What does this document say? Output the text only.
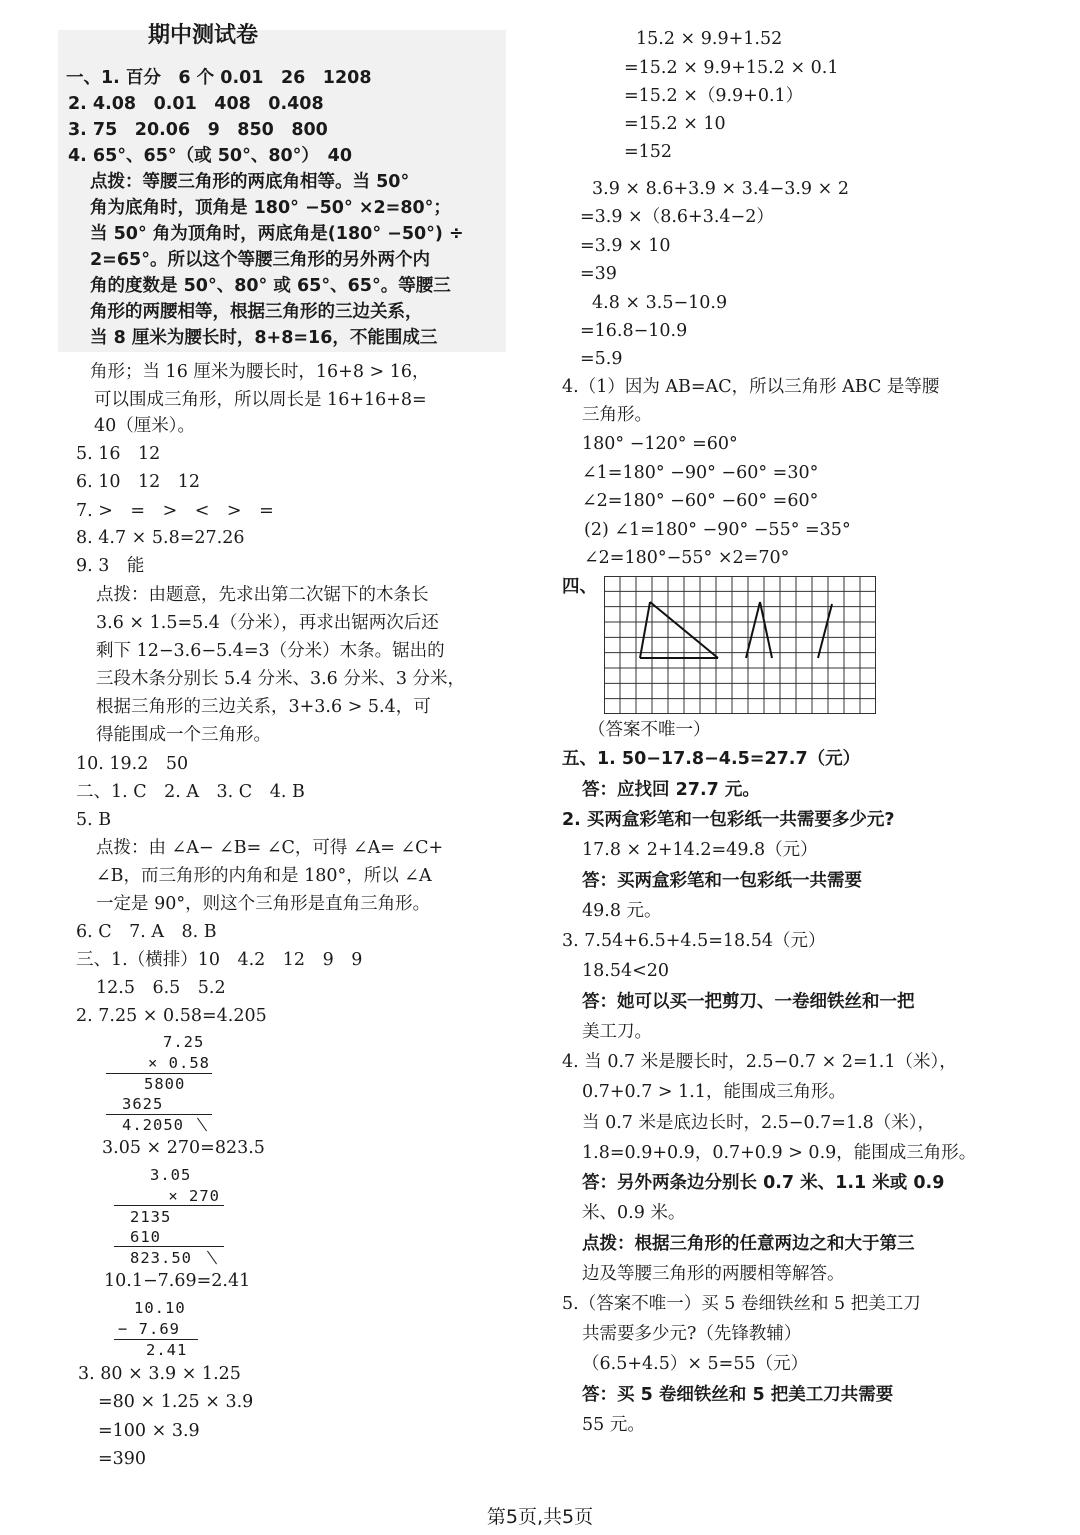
期中测试卷
一、1. 百分　6 个 0.01　26　1208
2. 4.08　0.01　408　0.408
3. 75　20.06　9　850　800
4. 65°、65°（或 50°、80°）　40
点拨：等腰三角形的两底角相等。当 50°
角为底角时，顶角是 180° −50° ×2=80°；
当 50° 角为顶角时，两底角是(180° −50°) ÷
2=65°。所以这个等腰三角形的另外两个内
角的度数是 50°、80° 或 65°、65°。等腰三
角形的两腰相等，根据三角形的三边关系，
当 8 厘米为腰长时，8+8=16，不能围成三
角形；当 16 厘米为腰长时，16+8 > 16，
可以围成三角形，所以周长是 16+16+8=
40（厘米）。
5. 16　12
6. 10　12　12
7. >　=　>　<　>　=
8. 4.7 × 5.8=27.26
9. 3　能
点拨：由题意，先求出第二次锯下的木条长
3.6 × 1.5=5.4（分米），再求出锯两次后还
剩下 12−3.6−5.4=3（分米）木条。锯出的
三段木条分别长 5.4 分米、3.6 分米、3 分米，
根据三角形的三边关系，3+3.6 > 5.4，可
得能围成一个三角形。
10. 19.2　50
二、1. C　2. A　3. C　4. B
5. B
点拨：由 ∠A− ∠B= ∠C，可得 ∠A= ∠C+
∠B，而三角形的内角和是 180°，所以 ∠A
一定是 90°，则这个三角形是直角三角形。
6. C　7. A　8. B
三、1.（横排）10　4.2　12　9　9
12.5　6.5　5.2
2. 7.25 × 0.58=4.205
7.25
× 0.58
5800
3625
4.2050
3.05 × 270=823.5
3.05
× 270
2135
610
823.50
10.1−7.69=2.41
10.10
− 7.69
2.41
3. 80 × 3.9 × 1.25
=80 × 1.25 × 3.9
=100 × 3.9
=390
15.2 × 9.9+1.52
=15.2 × 9.9+15.2 × 0.1
=15.2 ×（9.9+0.1）
=15.2 × 10
=152
3.9 × 8.6+3.9 × 3.4−3.9 × 2
=3.9 ×（8.6+3.4−2）
=3.9 × 10
=39
4.8 × 3.5−10.9
=16.8−10.9
=5.9
4.（1）因为 AB=AC，所以三角形 ABC 是等腰
三角形。
180° −120° =60°
∠1=180° −90° −60° =30°
∠2=180° −60° −60° =60°
(2) ∠1=180° −90° −55° =35°
∠2=180°−55° ×2=70°
四、
（答案不唯一）
五、1. 50−17.8−4.5=27.7（元）
答：应找回 27.7 元。
2. 买两盒彩笔和一包彩纸一共需要多少元?
17.8 × 2+14.2=49.8（元）
答：买两盒彩笔和一包彩纸一共需要
49.8 元。
3. 7.54+6.5+4.5=18.54（元）
18.54<20
答：她可以买一把剪刀、一卷细铁丝和一把
美工刀。
4. 当 0.7 米是腰长时，2.5−0.7 × 2=1.1（米），
0.7+0.7 > 1.1，能围成三角形。
当 0.7 米是底边长时，2.5−0.7=1.8（米），
1.8=0.9+0.9，0.7+0.9 > 0.9，能围成三角形。
答：另外两条边分别长 0.7 米、1.1 米或 0.9
米、0.9 米。
点拨：根据三角形的任意两边之和大于第三
边及等腰三角形的两腰相等解答。
5.（答案不唯一）买 5 卷细铁丝和 5 把美工刀
共需要多少元?（先锋教辅）
（6.5+4.5）× 5=55（元）
答：买 5 卷细铁丝和 5 把美工刀共需要
55 元。
第5页,共5页
